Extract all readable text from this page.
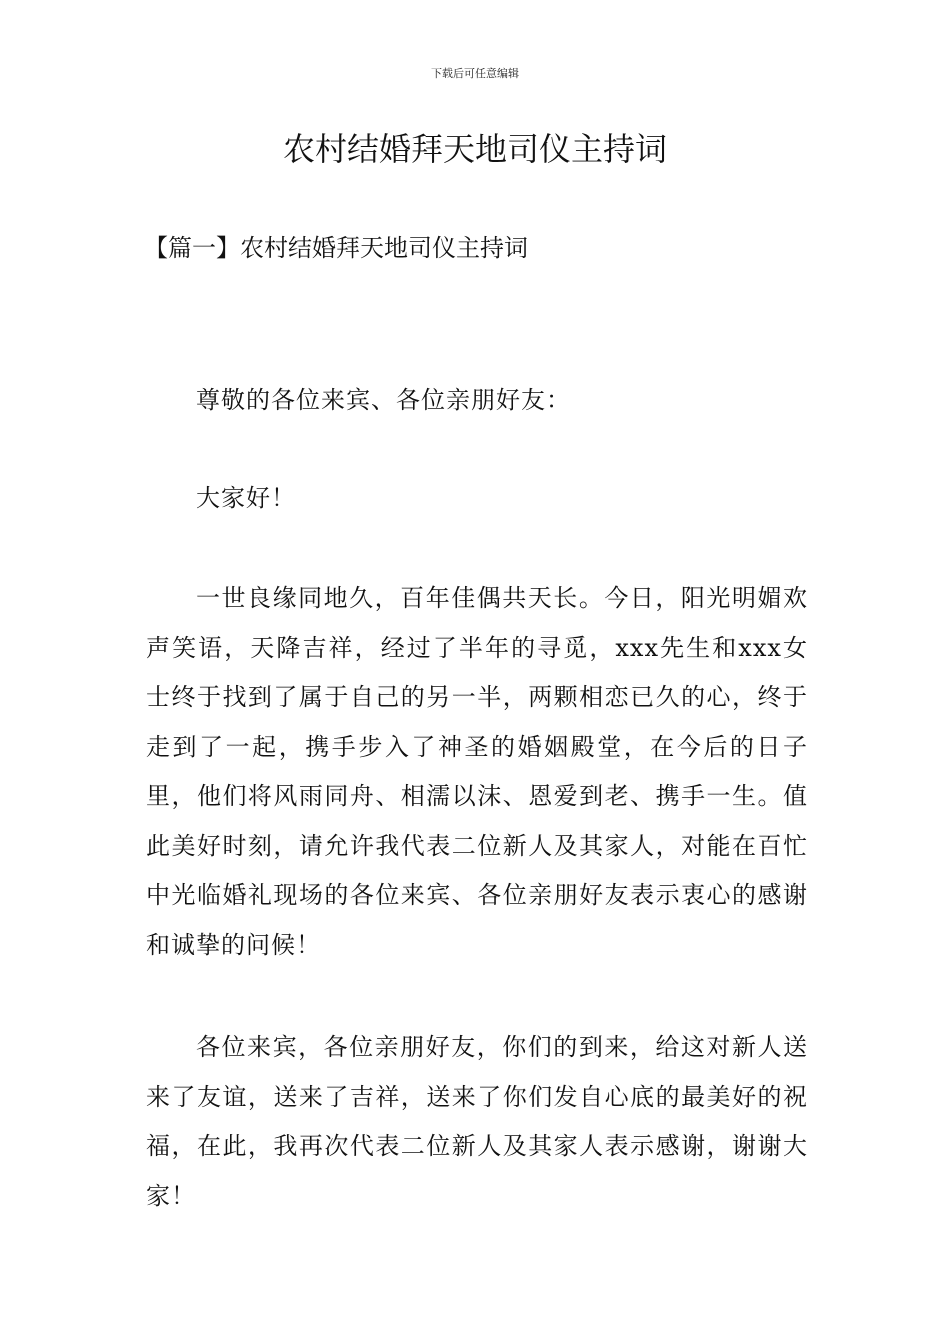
下载后可任意编辑
农村结婚拜天地司仪主持词
【篇一】农村结婚拜天地司仪主持词

尊敬的各位来宾、各位亲朋好友：

大家好！

一世良缘同地久，百年佳偶共天长。今日，阳光明媚欢声笑语，天降吉祥，经过了半年的寻觅，xxx先生和xxx女士终于找到了属于自己的另一半，两颗相恋已久的心，终于走到了一起，携手步入了神圣的婚姻殿堂，在今后的日子里，他们将风雨同舟、相濡以沫、恩爱到老、携手一生。值此美好时刻，请允许我代表二位新人及其家人，对能在百忙中光临婚礼现场的各位来宾、各位亲朋好友表示衷心的感谢和诚挚的问候！

各位来宾，各位亲朋好友，你们的到来，给这对新人送来了友谊，送来了吉祥，送来了你们发自心底的最美好的祝福，在此，我再次代表二位新人及其家人表示感谢，谢谢大家！
